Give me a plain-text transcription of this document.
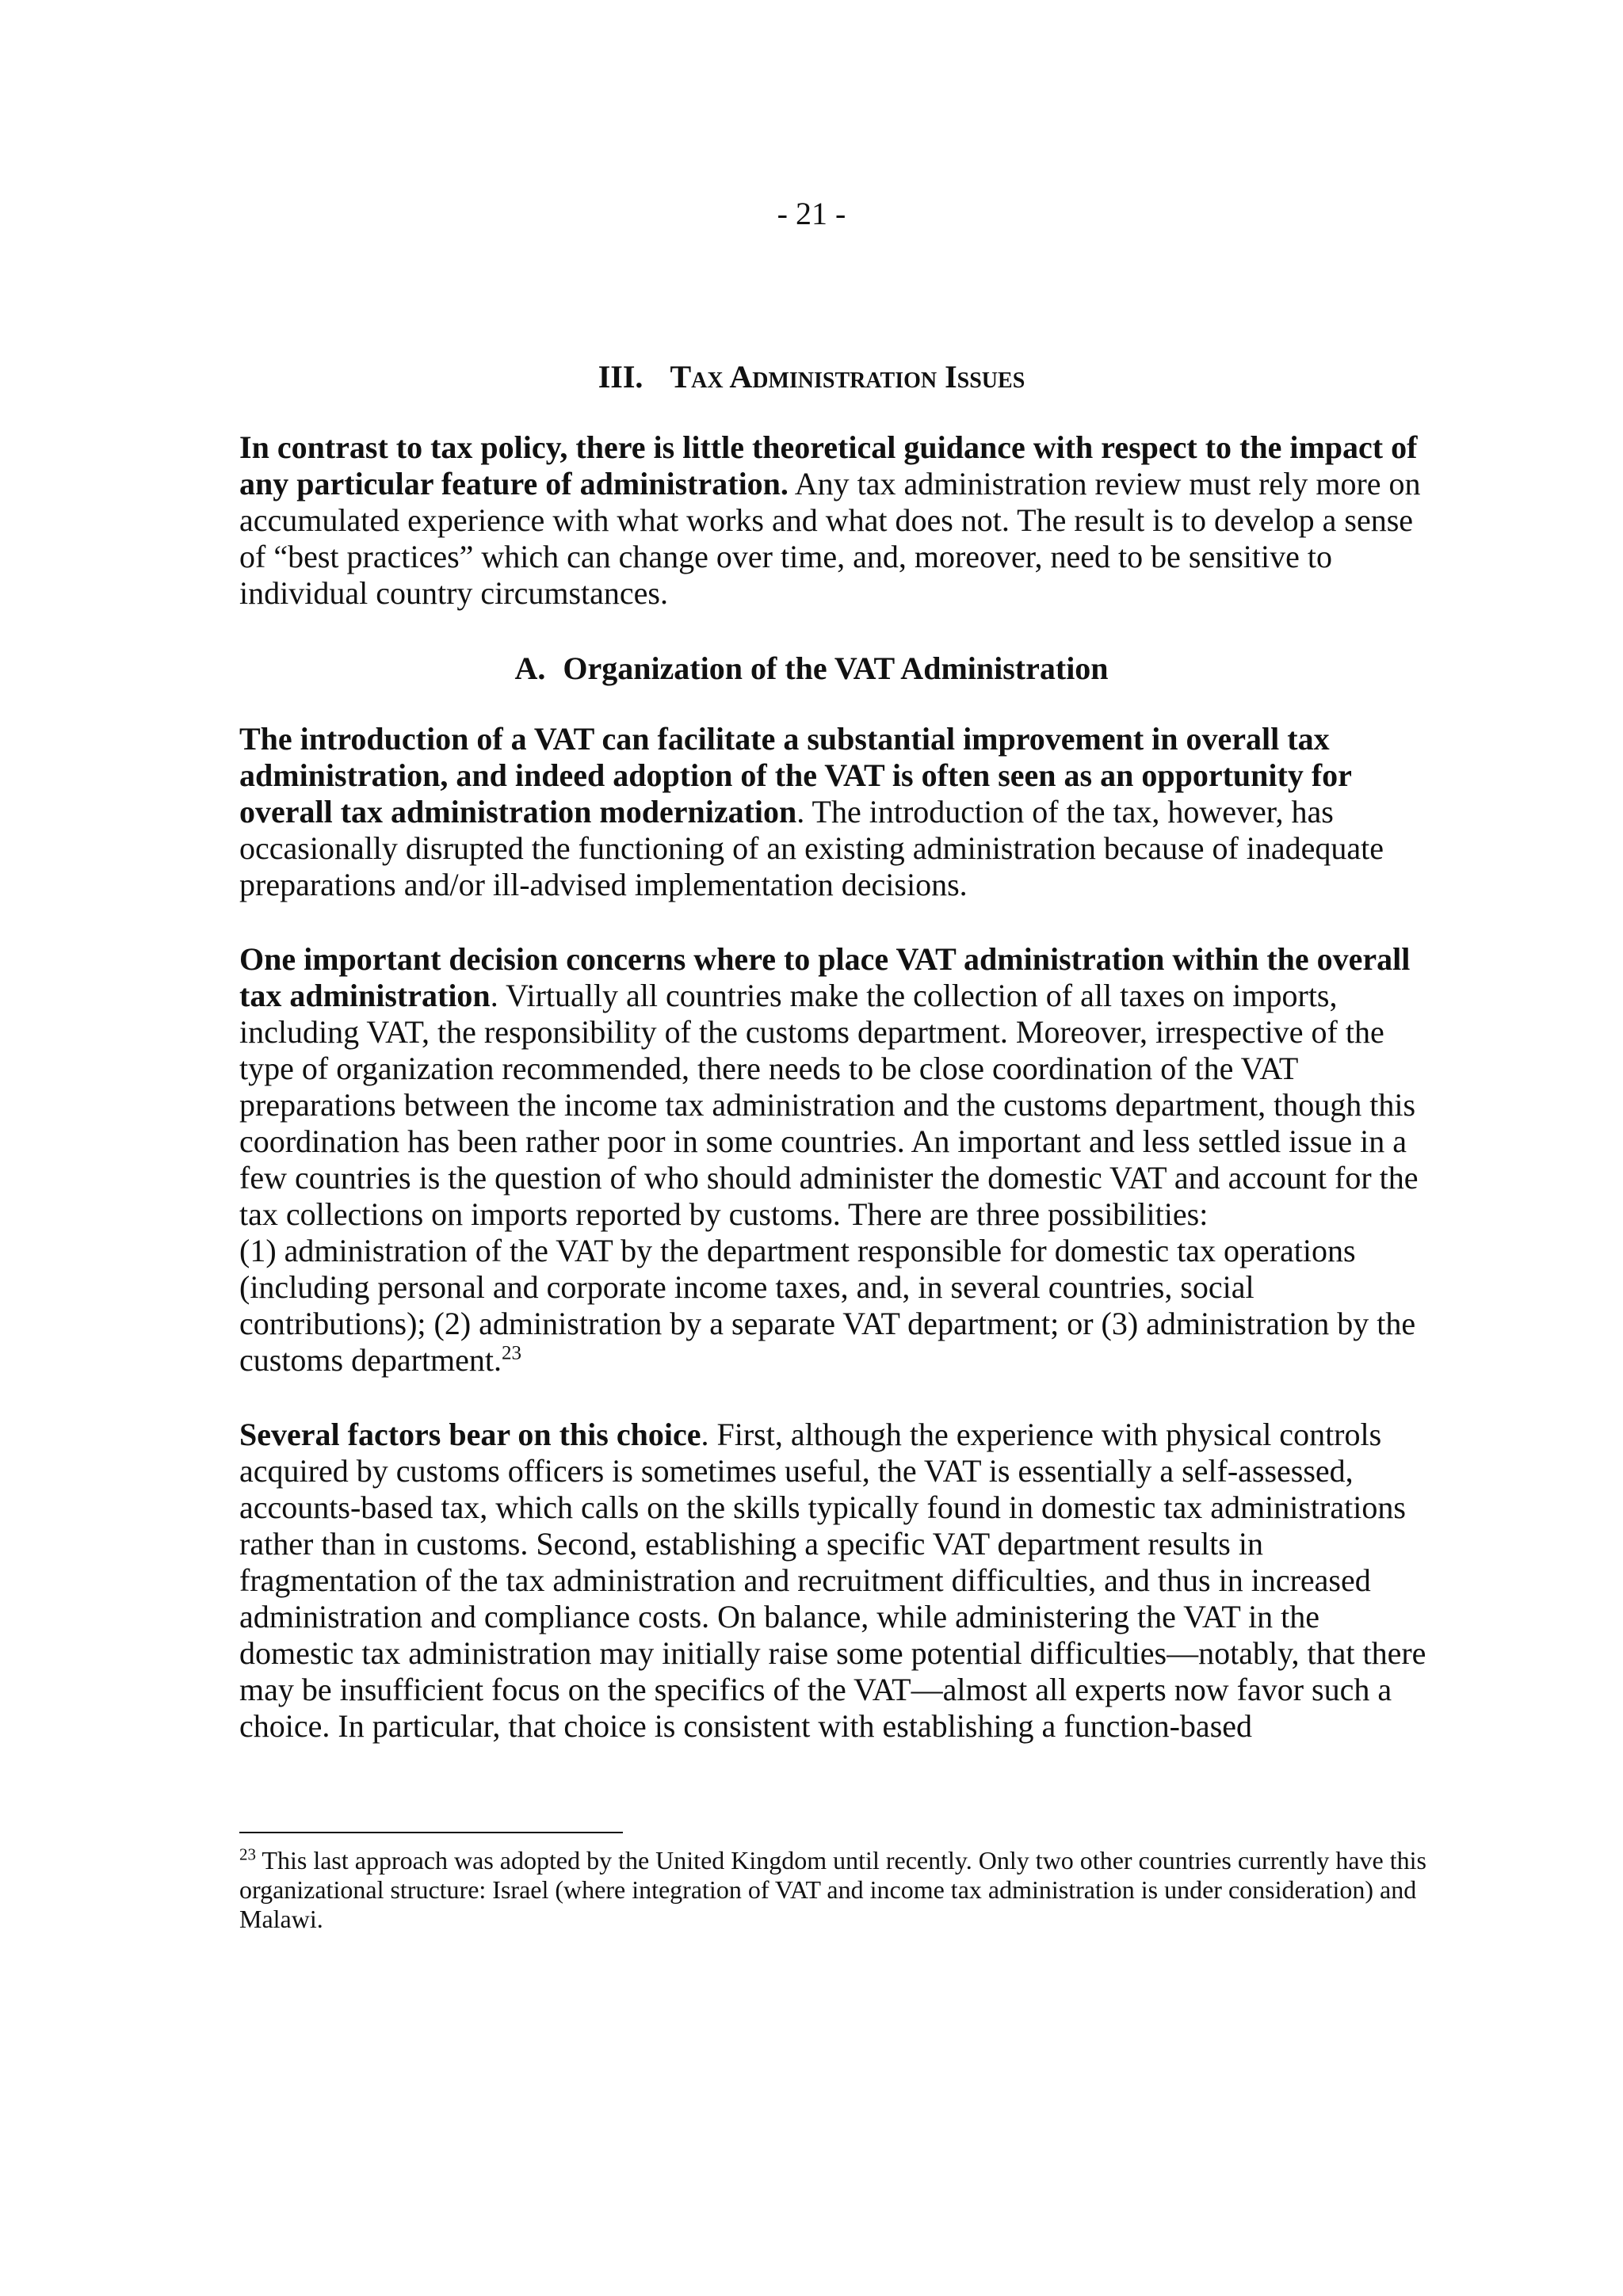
- 21 -
III. Tax Administration Issues

In contrast to tax policy, there is little theoretical guidance with respect to the impact of any particular feature of administration. Any tax administration review must rely more on accumulated experience with what works and what does not. The result is to develop a sense of “best practices” which can change over time, and, moreover, need to be sensitive to individual country circumstances.

A. Organization of the VAT Administration

The introduction of a VAT can facilitate a substantial improvement in overall tax administration, and indeed adoption of the VAT is often seen as an opportunity for overall tax administration modernization. The introduction of the tax, however, has occasionally disrupted the functioning of an existing administration because of inadequate preparations and/or ill-advised implementation decisions.

One important decision concerns where to place VAT administration within the overall tax administration. Virtually all countries make the collection of all taxes on imports, including VAT, the responsibility of the customs department. Moreover, irrespective of the type of organization recommended, there needs to be close coordination of the VAT preparations between the income tax administration and the customs department, though this coordination has been rather poor in some countries. An important and less settled issue in a few countries is the question of who should administer the domestic VAT and account for the tax collections on imports reported by customs. There are three possibilities:

(1) administration of the VAT by the department responsible for domestic tax operations (including personal and corporate income taxes, and, in several countries, social contributions); (2) administration by a separate VAT department; or (3) administration by the customs department.$^{23}$

Several factors bear on this choice. First, although the experience with physical controls acquired by customs officers is sometimes useful, the VAT is essentially a self-assessed, accounts-based tax, which calls on the skills typically found in domestic tax administrations rather than in customs. Second, establishing a specific VAT department results in fragmentation of the tax administration and recruitment difficulties, and thus in increased administration and compliance costs. On balance, while administering the VAT in the domestic tax administration may initially raise some potential difficulties—notably, that there may be insufficient focus on the specifics of the VAT—almost all experts now favor such a choice. In particular, that choice is consistent with establishing a function-based

$^{23}$ This last approach was adopted by the United Kingdom until recently. Only two other countries currently have this organizational structure: Israel (where integration of VAT and income tax administration is under consideration) and Malawi.
